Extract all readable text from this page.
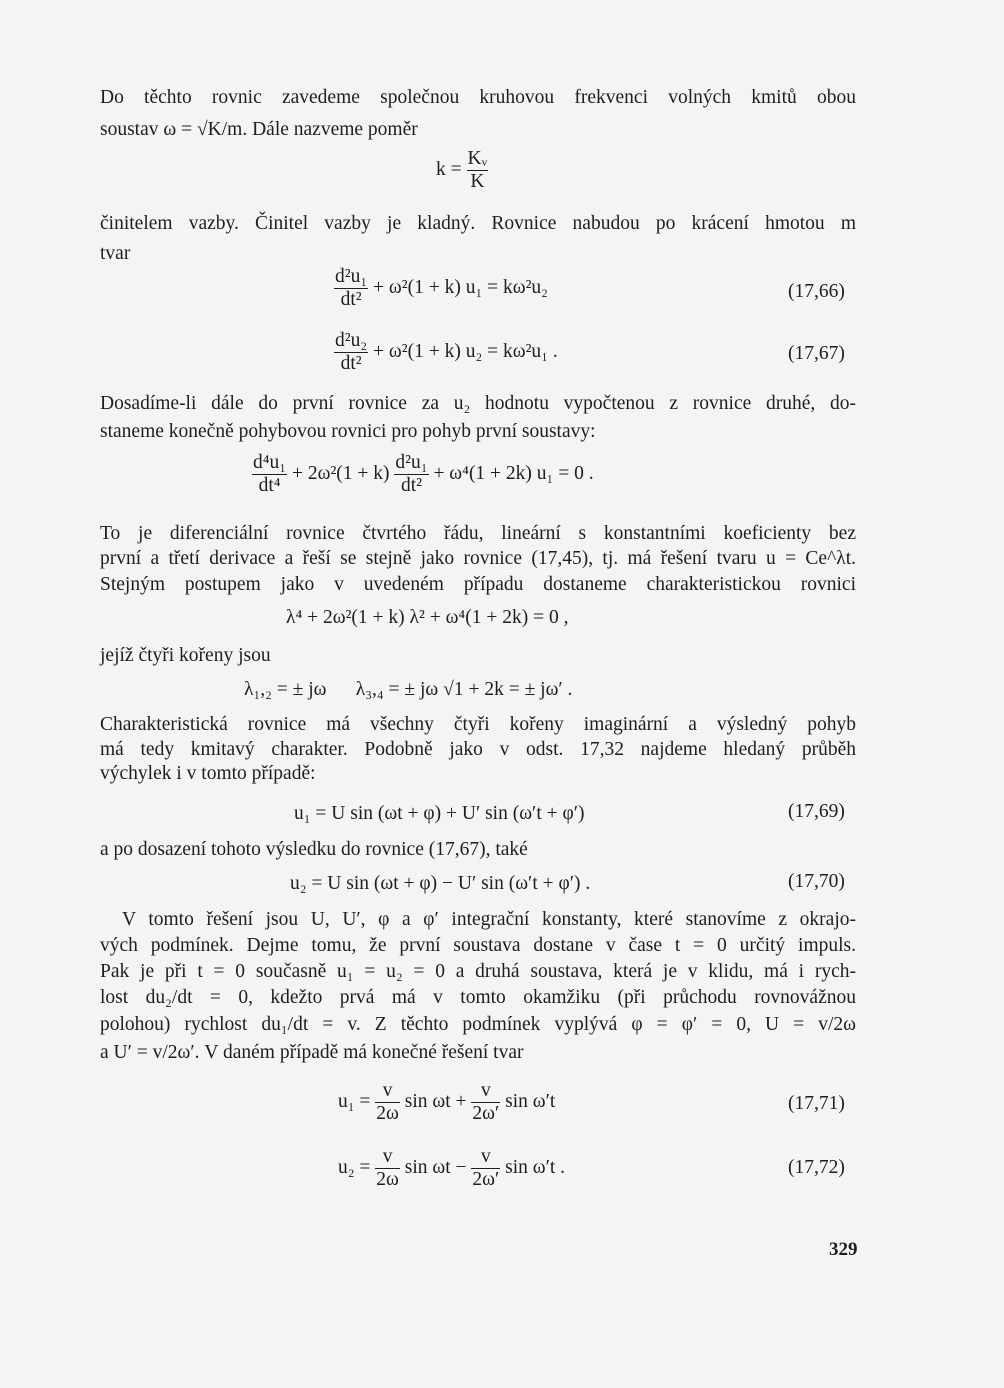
Do těchto rovnic zavedeme společnou kruhovou frekvenci volných kmitů obou
soustav ω = √K/m. Dále nazveme poměr
$k = \frac{\text{Kᵥ}}{K}$
činitelem vazby. Činitel vazby je kladný. Rovnice nabudou po krácení hmotou m
tvar
$\frac{\text{d²u₁}}{\text{dt²}} + \omega^2(1 + k) u_1 = k\omega^2u_2$	(17,66)
$\frac{\text{d²u₂}}{\text{dt²}} + \omega^2(1 + k) u_2 = k\omega^2u_1$ .	(17,67)
Dosadíme-li dále do první rovnice za u₂ hodnotu vypočtenou z rovnice druhé, do-
staneme konečně pohybovou rovnici pro pohyb první soustavy:
$\frac{\text{d⁴u₁}}{\text{dt⁴}} + 2\omega^2(1 + k) \frac{\text{d²u₁}}{\text{dt²}} + \omega^4(1 + 2k) u_1 = 0$ .
To je diferenciální rovnice čtvrtého řádu, lineární s konstantními koeficienty bez
první a třetí derivace a řeší se stejně jako rovnice (17,45), tj. má řešení tvaru u = Ce^λt.
Stejným postupem jako v uvedeném případu dostaneme charakteristickou rovnici
λ⁴ + 2ω²(1 + k) λ² + ω⁴(1 + 2k) = 0 ,
jejíž čtyři kořeny jsou
λ₁,₂ = ± jω      λ₃,₄ = ± jω √1 + 2k = ± jω′ .
Charakteristická rovnice má všechny čtyři kořeny imaginární a výsledný pohyb
má tedy kmitavý charakter. Podobně jako v odst. 17,32 najdeme hledaný průběh
výchylek i v tomto případě:
u₁ = U sin (ωt + φ) + U′ sin (ω′t + φ′)	(17,69)
a po dosazení tohoto výsledku do rovnice (17,67), také
u₂ = U sin (ωt + φ) − U′ sin (ω′t + φ′) .	(17,70)
V tomto řešení jsou U, U′, φ a φ′ integrační konstanty, které stanovíme z okrajo-
vých podmínek. Dejme tomu, že první soustava dostane v čase t = 0 určitý impuls.
Pak je při t = 0 současně u₁ = u₂ = 0 a druhá soustava, která je v klidu, má i rych-
lost du₂/dt = 0, kdežto prvá má v tomto okamžiku (při průchodu rovnovážnou
polohou) rychlost du₁/dt = v. Z těchto podmínek vyplývá φ = φ′ = 0, U = v/2ω
a U′ = v/2ω′. V daném případě má konečné řešení tvar
$u_1 = \frac{v}{2\omega}$ $\sin \omega t + \frac{v}{2\omega'}$ sin ω′t	(17,71)
$u_2 = \frac{v}{2\omega}$ $\sin \omega t - \frac{v}{2\omega'}$ sin ω′t .	(17,72)
329
